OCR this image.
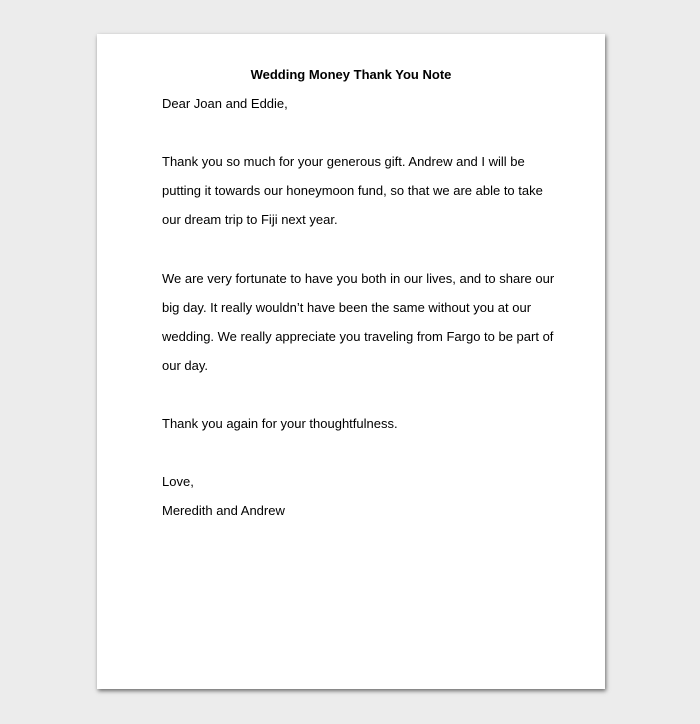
Wedding Money Thank You Note
Dear Joan and Eddie,
Thank you so much for your generous gift. Andrew and I will be
putting it towards our honeymoon fund, so that we are able to take
our dream trip to Fiji next year.
We are very fortunate to have you both in our lives, and to share our
big day. It really wouldn’t have been the same without you at our
wedding. We really appreciate you traveling from Fargo to be part of
our day.
Thank you again for your thoughtfulness.
Love,
Meredith and Andrew
